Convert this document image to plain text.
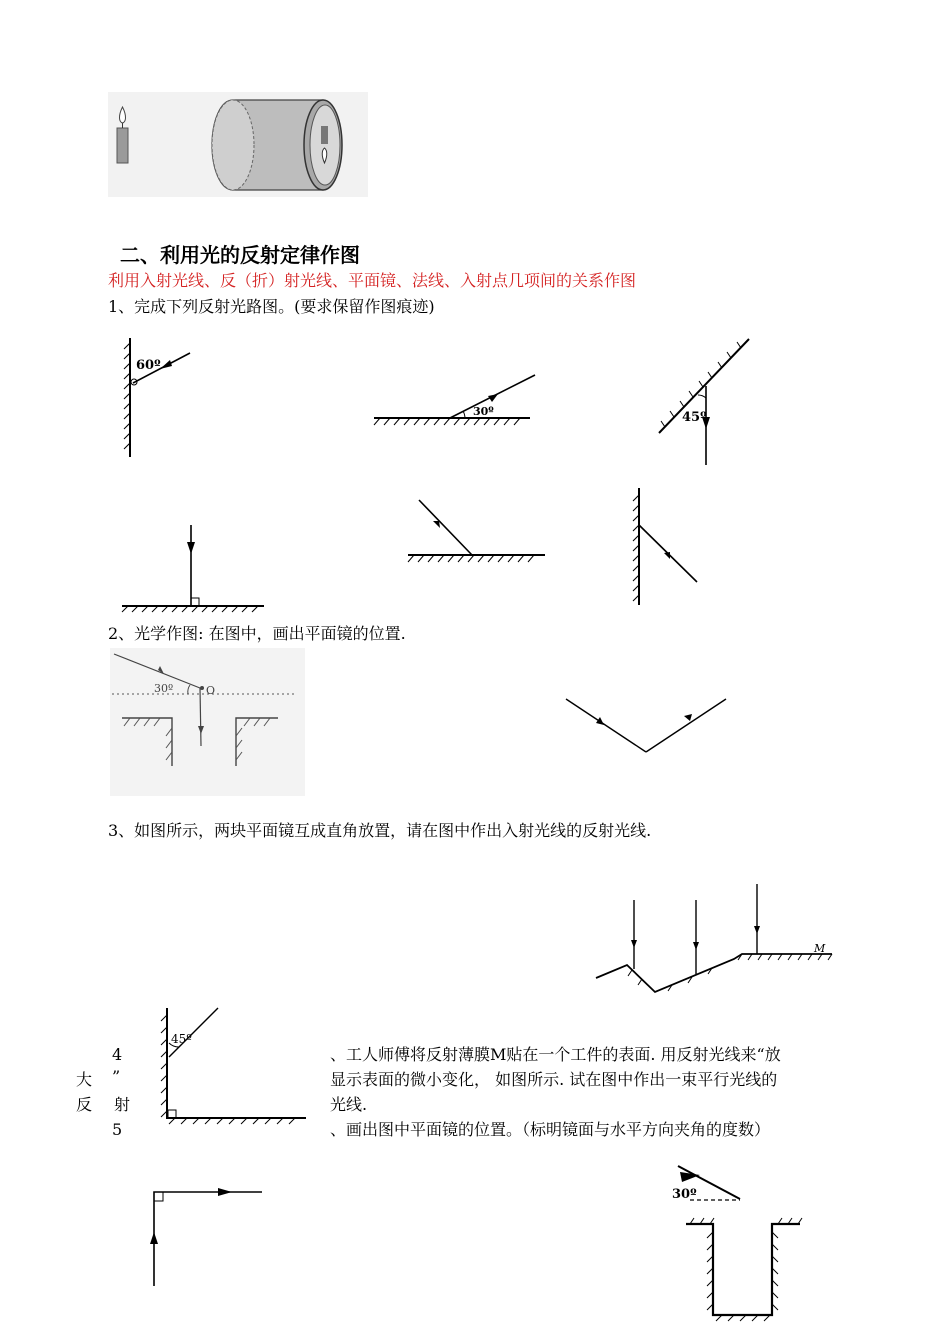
二、利用光的反射定律作图
利用入射光线、反（折）射光线、平面镜、法线、入射点几项间的关系作图
1、完成下列反射光路图。(要求保留作图痕迹)
60º
30º	45º
2、光学作图: 在图中，画出平面镜的位置.
30º	O
3、如图所示，两块平面镜互成直角放置，请在图中作出入射光线的反射光线.
M
4	、工人师傅将反射薄膜M贴在一个工件的表面. 用反射光线来“放
大 ”	显示表面的微小变化， 如图所示. 试在图中作出一束平行光线的
反 射	光线.
45º
5	、画出图中平面镜的位置。（标明镜面与水平方向夹角的度数）
30º
